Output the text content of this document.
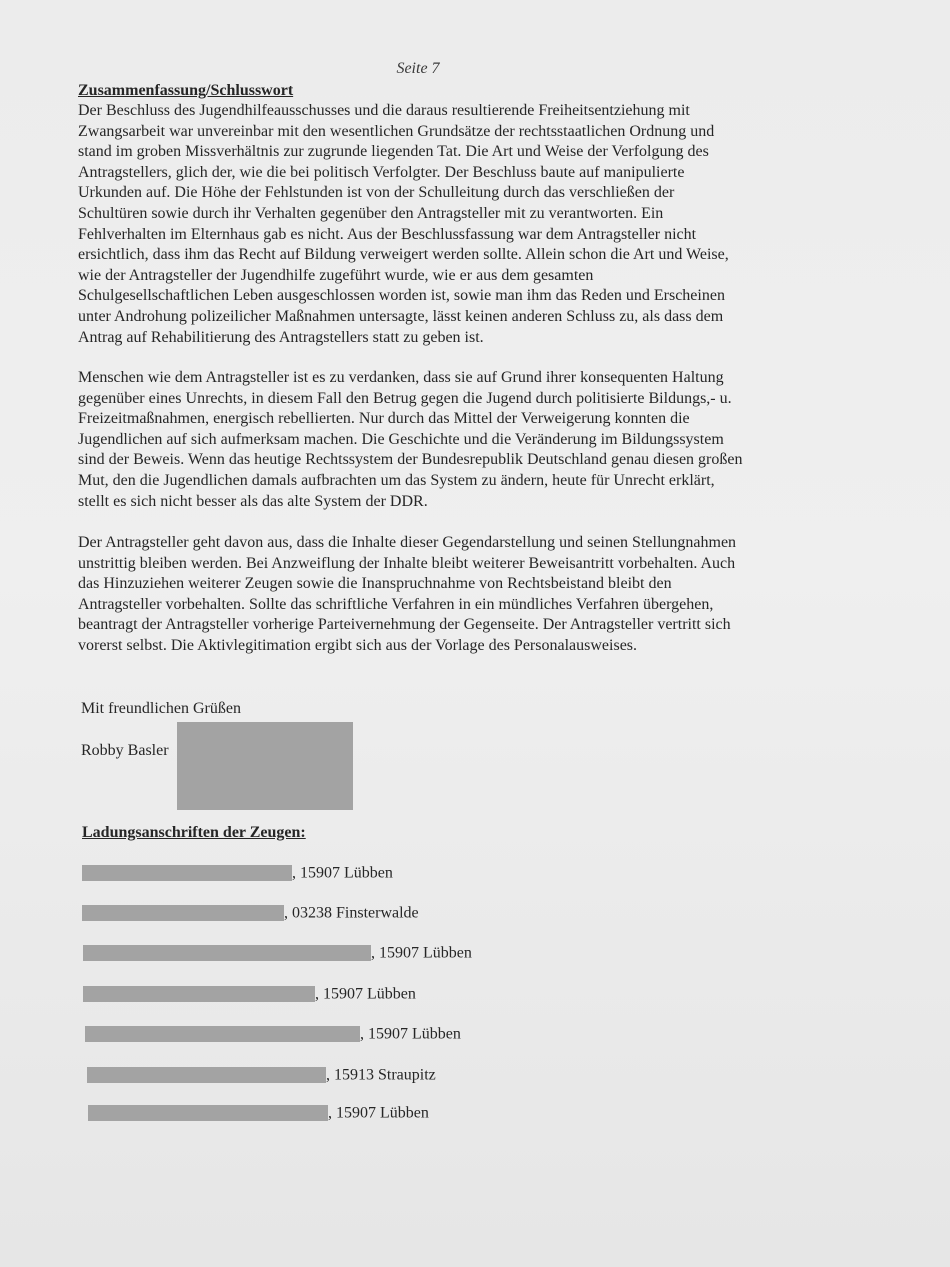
Seite 7
Zusammenfassung/Schlusswort
Der Beschluss des Jugendhilfeausschusses und die daraus resultierende Freiheitsentziehung mit
Zwangsarbeit war unvereinbar mit den wesentlichen Grundsätze der rechtsstaatlichen Ordnung und
stand im groben Missverhältnis zur zugrunde liegenden Tat. Die Art und Weise der Verfolgung des
Antragstellers, glich der, wie die bei politisch Verfolgter. Der Beschluss baute auf manipulierte
Urkunden auf. Die Höhe der Fehlstunden ist von der Schulleitung durch das verschließen der
Schultüren sowie durch ihr Verhalten gegenüber den Antragsteller mit zu verantworten. Ein
Fehlverhalten im Elternhaus gab es nicht. Aus der Beschlussfassung war dem Antragsteller nicht
ersichtlich, dass ihm das Recht auf Bildung verweigert werden sollte. Allein schon die Art und Weise,
wie der Antragsteller der Jugendhilfe zugeführt wurde, wie er aus dem gesamten
Schulgesellschaftlichen Leben ausgeschlossen worden ist, sowie man ihm das Reden und Erscheinen
unter Androhung polizeilicher Maßnahmen untersagte, lässt keinen anderen Schluss zu, als dass dem
Antrag auf Rehabilitierung des Antragstellers statt zu geben ist.
Menschen wie dem Antragsteller ist es zu verdanken, dass sie auf Grund ihrer konsequenten Haltung
gegenüber eines Unrechts, in diesem Fall den Betrug gegen die Jugend durch politisierte Bildungs,- u.
Freizeitmaßnahmen, energisch rebellierten. Nur durch das Mittel der Verweigerung konnten die
Jugendlichen auf sich aufmerksam machen. Die Geschichte und die Veränderung im Bildungssystem
sind der Beweis. Wenn das heutige Rechtssystem der Bundesrepublik Deutschland genau diesen großen
Mut, den die Jugendlichen damals aufbrachten um das System zu ändern, heute für Unrecht erklärt,
stellt es sich nicht besser als das alte System der DDR.
Der Antragsteller geht davon aus, dass die Inhalte dieser Gegendarstellung und seinen Stellungnahmen
unstrittig bleiben werden. Bei Anzweiflung der Inhalte bleibt weiterer Beweisantritt vorbehalten. Auch
das Hinzuziehen weiterer Zeugen sowie die Inanspruchnahme von Rechtsbeistand bleibt den
Antragsteller vorbehalten. Sollte das schriftliche Verfahren in ein mündliches Verfahren übergehen,
beantragt der Antragsteller vorherige Parteivernehmung der Gegenseite. Der Antragsteller vertritt sich
vorerst selbst. Die Aktivlegitimation ergibt sich aus der Vorlage des Personalausweises.
Mit freundlichen Grüßen
Robby Basler
Ladungsanschriften der Zeugen:
, 15907 Lübben
, 03238 Finsterwalde
, 15907 Lübben
, 15907 Lübben
, 15907 Lübben
, 15913 Straupitz
, 15907 Lübben
